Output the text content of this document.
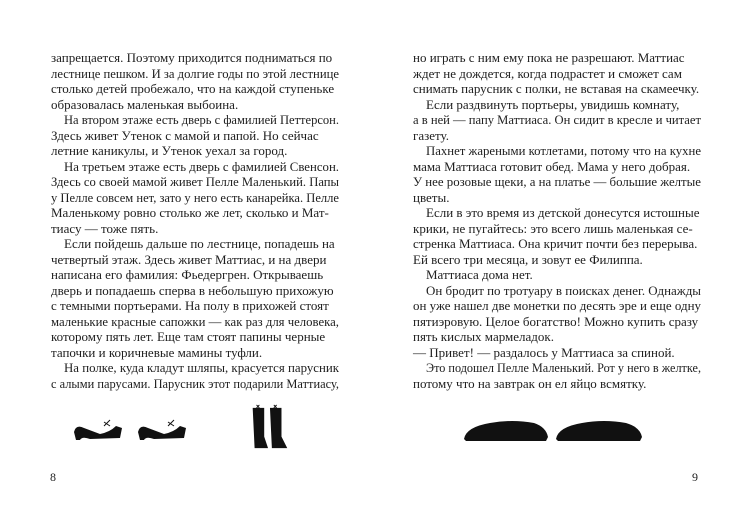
запрещается. Поэтому приходится подниматься по
лестнице пешком. И за долгие годы по этой лестнице
столько детей пробежало, что на каждой ступеньке
образовалась маленькая выбоина.
На втором этаже есть дверь с фамилией Петтерсон.
Здесь живет Утенок с мамой и папой. Но сейчас
летние каникулы, и Утенок уехал за город.
На третьем этаже есть дверь с фамилией Свенсон.
Здесь со своей мамой живет Пелле Маленький. Папы
у Пелле совсем нет, зато у него есть канарейка. Пелле
Маленькому ровно столько же лет, сколько и Мат-
тиасу — тоже пять.
Если пойдешь дальше по лестнице, попадешь на
четвертый этаж. Здесь живет Маттиас, и на двери
написана его фамилия: Фьедергрен. Открываешь
дверь и попадаешь сперва в небольшую прихожую
с темными портьерами. На полу в прихожей стоят
маленькие красные сапожки — как раз для человека,
которому пять лет. Еще там стоят папины черные
тапочки и коричневые мамины туфли.
На полке, куда кладут шляпы, красуется парусник
с алыми парусами. Парусник этот подарили Маттиасу,
но играть с ним ему пока не разрешают. Маттиас
ждет не дождется, когда подрастет и сможет сам
снимать парусник с полки, не вставая на скамеечку.
Если раздвинуть портьеры, увидишь комнату,
а в ней — папу Маттиаса. Он сидит в кресле и читает
газету.
Пахнет жареными котлетами, потому что на кухне
мама Маттиаса готовит обед. Мама у него добрая.
У нее розовые щеки, а на платье — большие желтые
цветы.
Если в это время из детской донесутся истошные
крики, не пугайтесь: это всего лишь маленькая се-
стренка Маттиаса. Она кричит почти без перерыва.
Ей всего три месяца, и зовут ее Филиппа.
Маттиаса дома нет.
Он бродит по тротуару в поисках денег. Однажды
он уже нашел две монетки по десять эре и еще одну
пятиэровую. Целое богатство! Можно купить сразу
пять кислых мармеладок.
— Привет! — раздалось у Маттиаса за спиной.
Это подошел Пелле Маленький. Рот у него в желтке,
потому что на завтрак он ел яйцо всмятку.
8	9
